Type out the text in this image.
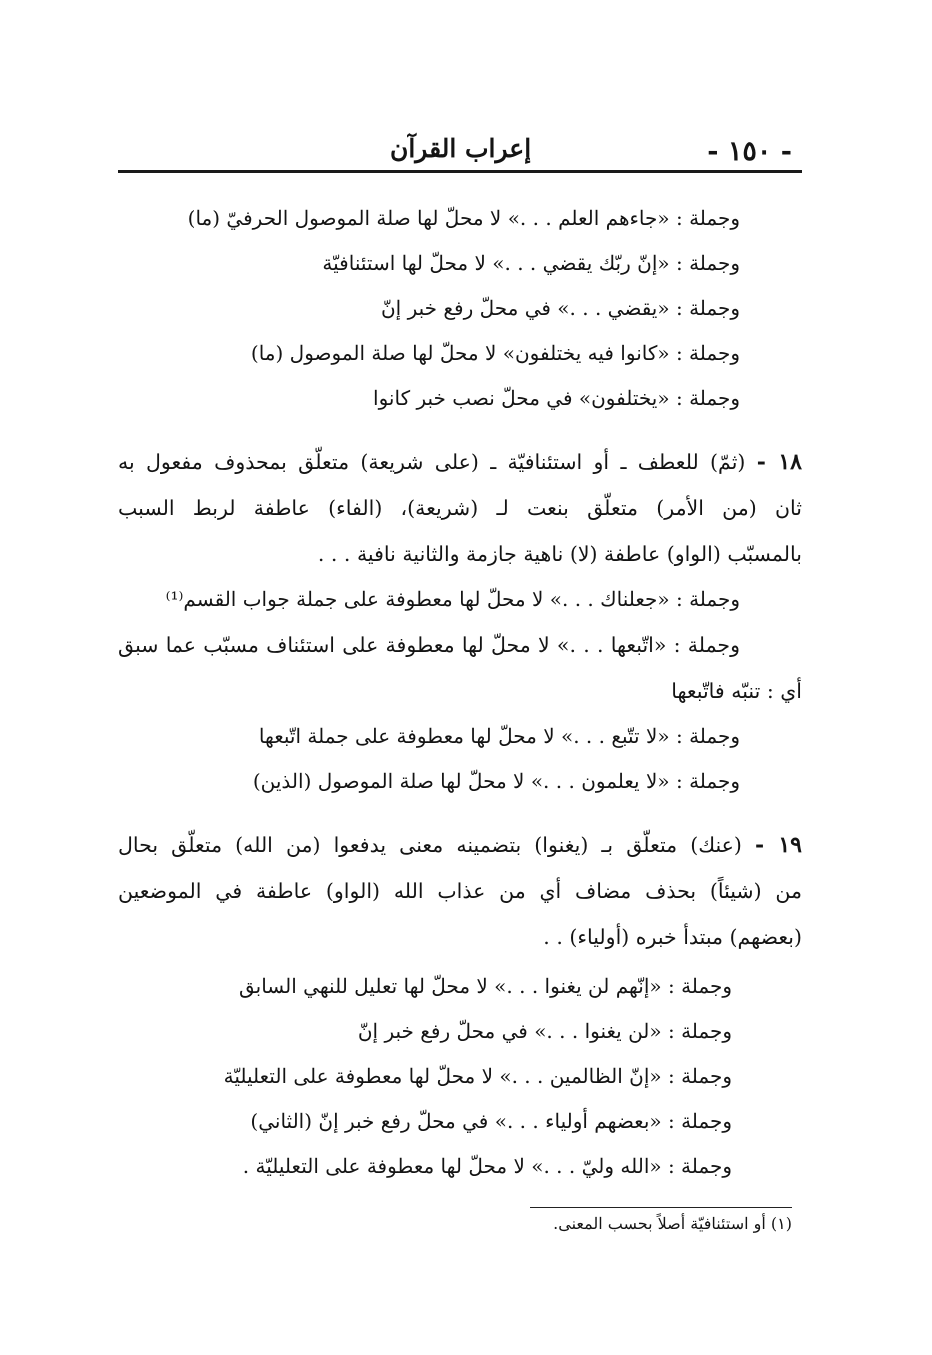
- ١٥٠ -
إعراب القرآن
وجملة : «جاءهم العلم . . .» لا محلّ لها صلة الموصول الحرفيّ (ما)
وجملة : «إنّ ربّك يقضي . . .» لا محلّ لها استئنافيّة
وجملة : «يقضي . . .» في محلّ رفع خبر إنّ
وجملة : «كانوا فيه يختلفون» لا محلّ لها صلة الموصول (ما)
وجملة : «يختلفون» في محلّ نصب خبر كانوا
١٨ - (ثمّ) للعطف ـ أو استئنافيّة ـ (على شريعة) متعلّق بمحذوف مفعول به
ثان (من الأمر) متعلّق بنعت لـ (شريعة)، (الفاء) عاطفة لربط السبب
بالمسبّب (الواو) عاطفة (لا) ناهية جازمة والثانية نافية . . .
وجملة : «جعلناك . . .» لا محلّ لها معطوفة على جملة جواب القسم⁽¹⁾
وجملة : «اتّبعها . . .» لا محلّ لها معطوفة على استئناف مسبّب عما سبق
أي : تنبّه فاتّبعها
وجملة : «لا تتّبع . . .» لا محلّ لها معطوفة على جملة اتّبعها
وجملة : «لا يعلمون . . .» لا محلّ لها صلة الموصول (الذين)
١٩ - (عنك) متعلّق بـ (يغنوا) بتضمينه معنى يدفعوا (من الله) متعلّق بحال
من (شيئاً) بحذف مضاف أي من عذاب الله (الواو) عاطفة في الموضعين
(بعضهم) مبتدأ خبره (أولياء) . .
وجملة : «إنّهم لن يغنوا . . .» لا محلّ لها تعليل للنهي السابق
وجملة : «لن يغنوا . . .» في محلّ رفع خبر إنّ
وجملة : «إنّ الظالمين . . .» لا محلّ لها معطوفة على التعليليّة
وجملة : «بعضهم أولياء . . .» في محلّ رفع خبر إنّ (الثاني)
وجملة : «الله وليّ . . .» لا محلّ لها معطوفة على التعليليّة .
(١) أو استئنافيّة أصلاً بحسب المعنى.
